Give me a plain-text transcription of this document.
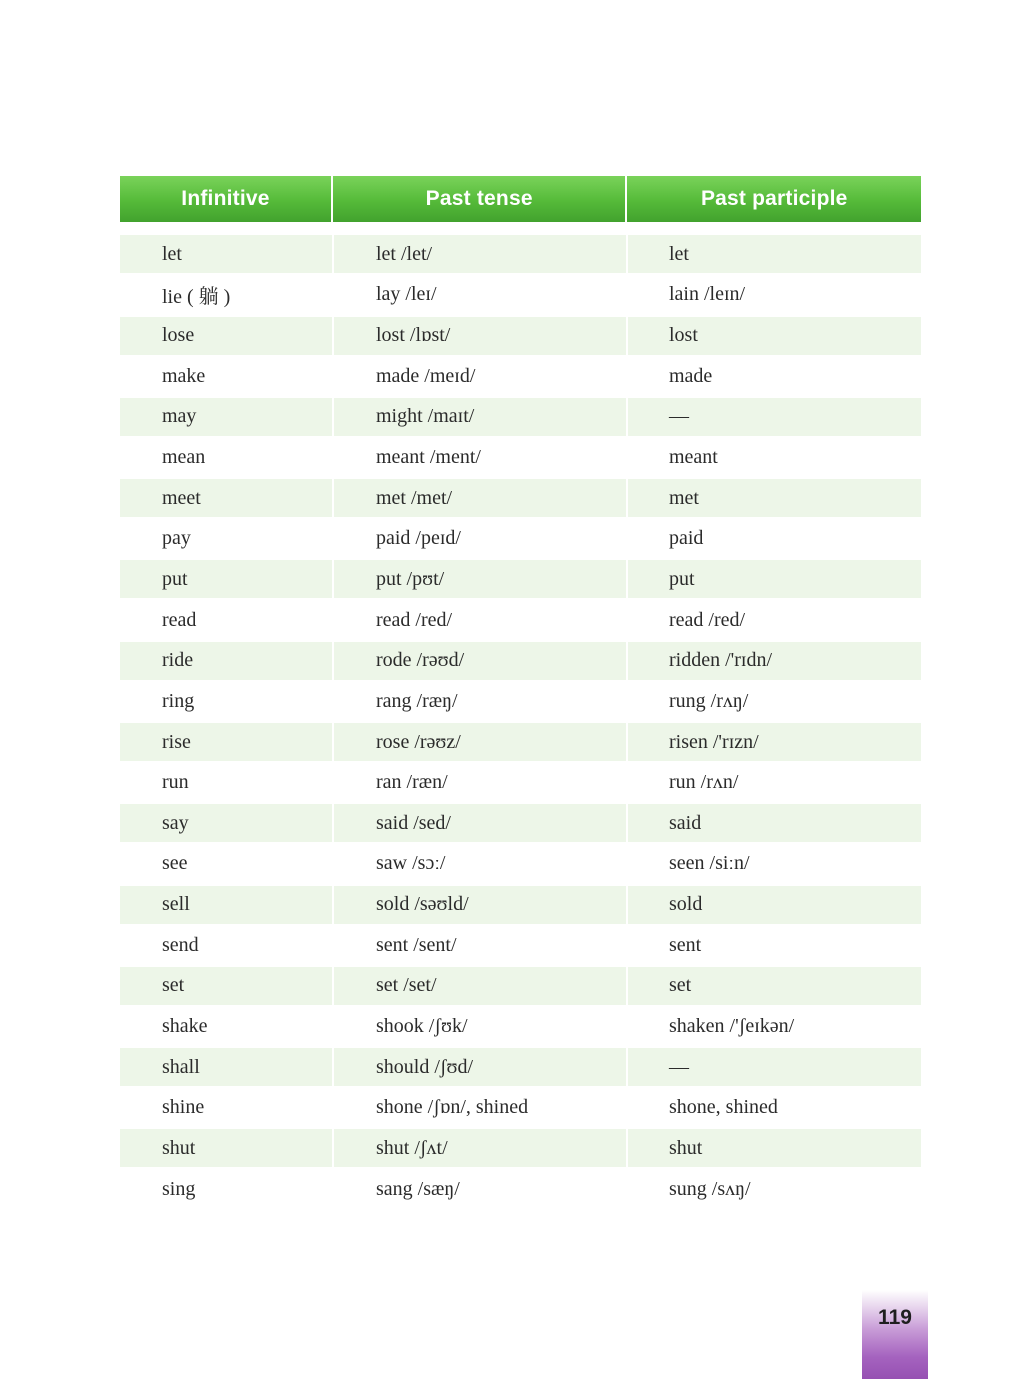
Infinitive	Past tense	Past participle
let	let /let/	let
lie ( 躺 )	lay /leɪ/	lain /leɪn/
lose	lost /lɒst/	lost
make	made /meɪd/	made
may	might /maɪt/	—
mean	meant /ment/	meant
meet	met /met/	met
pay	paid /peɪd/	paid
put	put /pʊt/	put
read	read /red/	read /red/
ride	rode /rəʊd/	ridden /'rɪdn/
ring	rang /ræŋ/	rung /rʌŋ/
rise	rose /rəʊz/	risen /'rɪzn/
run	ran /ræn/	run /rʌn/
say	said /sed/	said
see	saw /sɔː/	seen /siːn/
sell	sold /səʊld/	sold
send	sent /sent/	sent
set	set /set/	set
shake	shook /ʃʊk/	shaken /'ʃeɪkən/
shall	should /ʃʊd/	—
shine	shone /ʃɒn/, shined	shone, shined
shut	shut /ʃʌt/	shut
sing	sang /sæŋ/	sung /sʌŋ/
119
